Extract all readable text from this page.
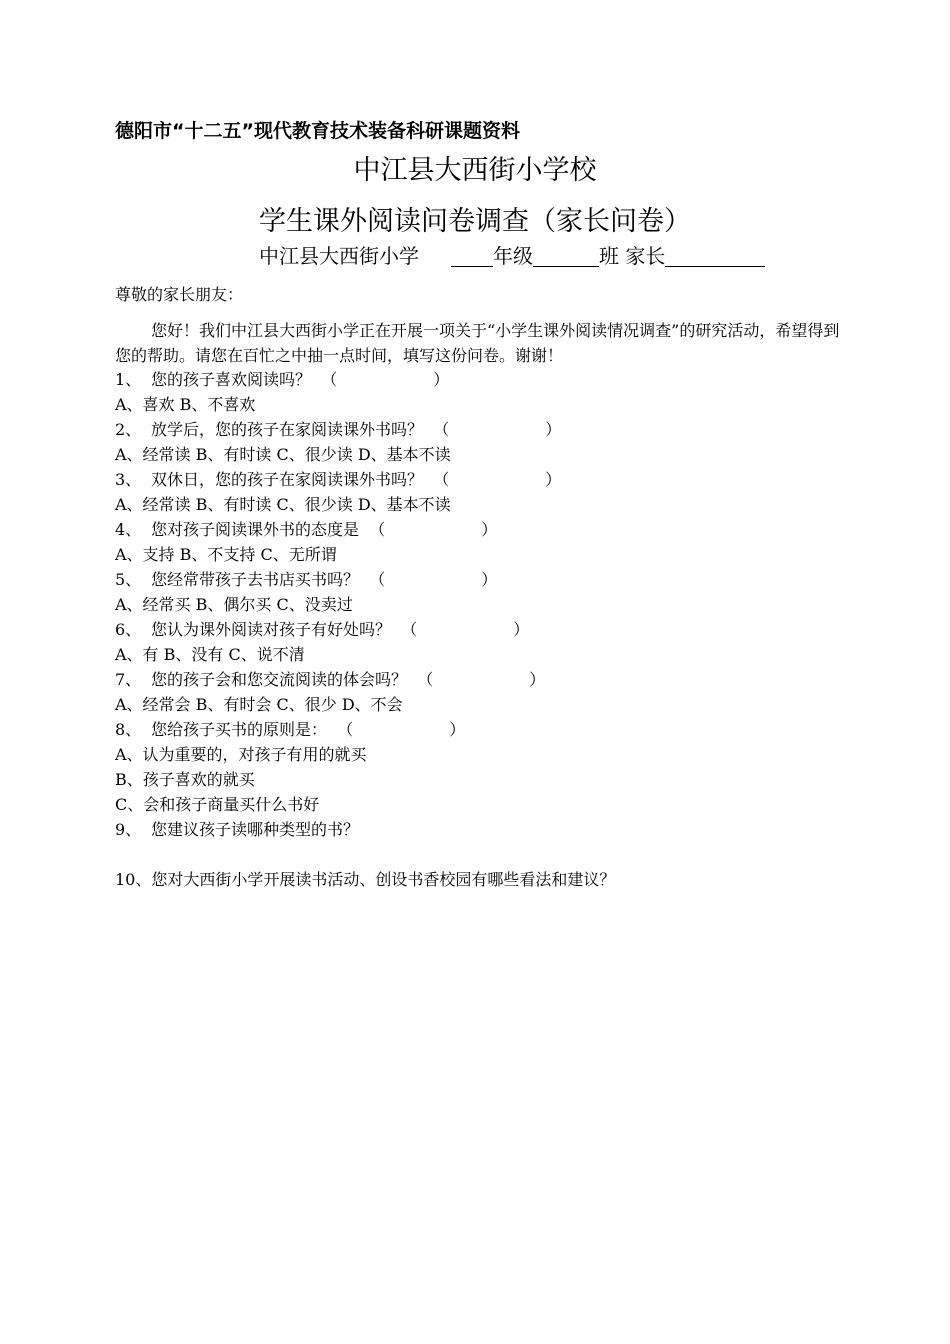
德阳市“十二五”现代教育技术装备科研课题资料
中江县大西街小学校
学生课外阅读问卷调查（家长问卷）
中江县大西街小学	年级	班 家长
尊敬的家长朋友：
您好！我们中江县大西街小学正在开展一项关于“小学生课外阅读情况调查”的研究活动，希望得到您的帮助。请您在百忙之中抽一点时间，填写这份问卷。谢谢！
1、 您的孩子喜欢阅读吗？ （	）
A、喜欢 B、不喜欢
2、 放学后，您的孩子在家阅读课外书吗？ （	）
A、经常读 B、有时读 C、很少读 D、基本不读
3、 双休日，您的孩子在家阅读课外书吗？ （	）
A、经常读 B、有时读 C、很少读 D、基本不读
4、 您对孩子阅读课外书的态度是 （	）
A、支持 B、不支持 C、无所谓
5、 您经常带孩子去书店买书吗？ （	）
A、经常买 B、偶尔买 C、没卖过
6、 您认为课外阅读对孩子有好处吗？ （	）
A、有 B、没有 C、说不清
7、 您的孩子会和您交流阅读的体会吗？ （	）
A、经常会 B、有时会 C、很少 D、不会
8、 您给孩子买书的原则是： （	）
A、认为重要的，对孩子有用的就买
B、孩子喜欢的就买
C、会和孩子商量买什么书好
9、 您建议孩子读哪种类型的书？
10、您对大西街小学开展读书活动、创设书香校园有哪些看法和建议？
